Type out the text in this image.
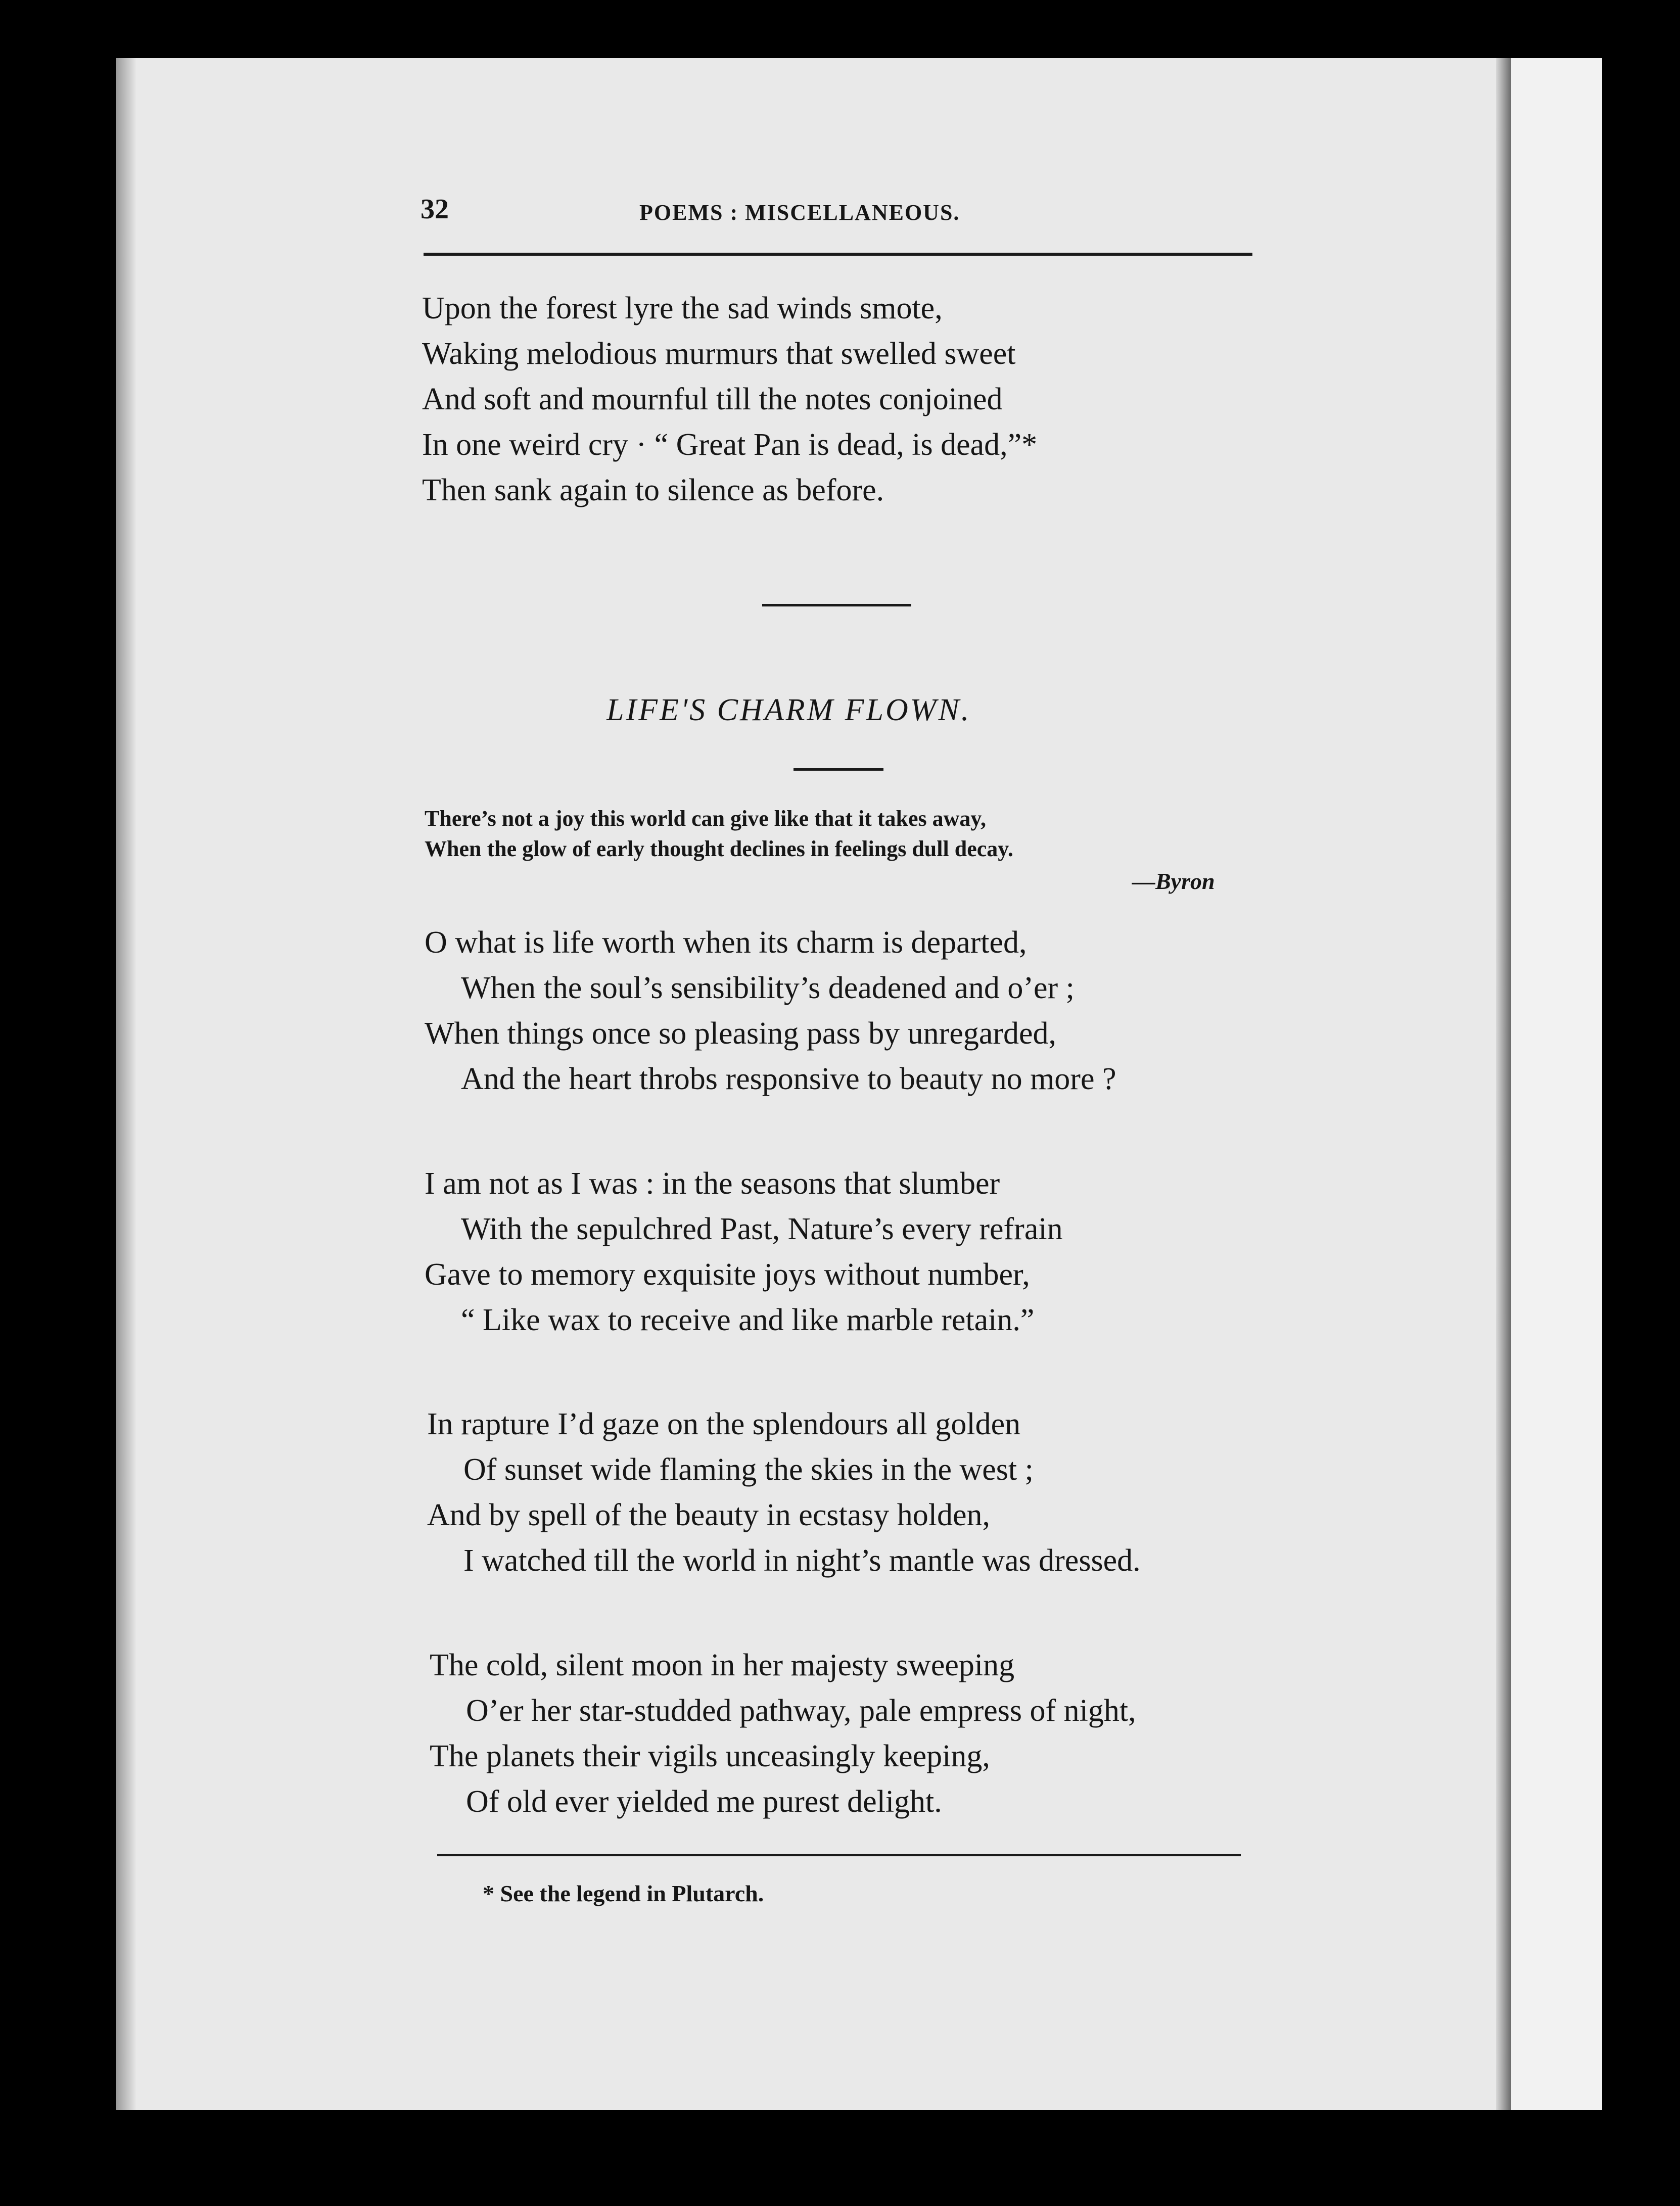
32	POEMS : MISCELLANEOUS.
Upon the forest lyre the sad winds smote,
Waking melodious murmurs that swelled sweet
And soft and mournful till the notes conjoined
In one weird cry · “ Great Pan is dead, is dead,”*
Then sank again to silence as before.
LIFE'S CHARM FLOWN.
There’s not a joy this world can give like that it takes away,
When the glow of early thought declines in feelings dull decay.
—Byron
O what is life worth when its charm is departed,
When the soul’s sensibility’s deadened and o’er ;
When things once so pleasing pass by unregarded,
And the heart throbs responsive to beauty no more ?
I am not as I was : in the seasons that slumber
With the sepulchred Past, Nature’s every refrain
Gave to memory exquisite joys without number,
“ Like wax to receive and like marble retain.”
In rapture I’d gaze on the splendours all golden
Of sunset wide flaming the skies in the west ;
And by spell of the beauty in ecstasy holden,
I watched till the world in night’s mantle was dressed.
The cold, silent moon in her majesty sweeping
O’er her star-studded pathway, pale empress of night,
The planets their vigils unceasingly keeping,
Of old ever yielded me purest delight.
* See the legend in Plutarch.
